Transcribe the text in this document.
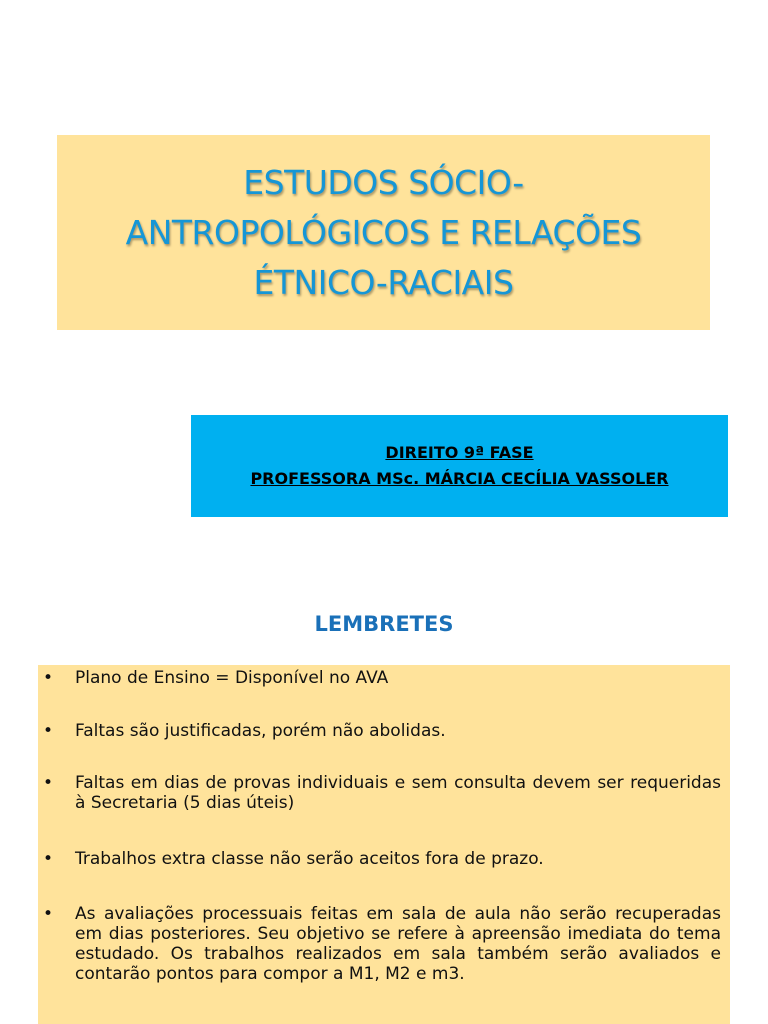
ESTUDOS SÓCIO-
ANTROPOLÓGICOS E RELAÇÕES
ÉTNICO-RACIAIS
DIREITO 9ª FASE
PROFESSORA MSc. MÁRCIA CECÍLIA VASSOLER
LEMBRETES
• Plano de Ensino = Disponível no AVA
• Faltas são justificadas, porém não abolidas.
• Faltas em dias de provas individuais e sem consulta devem ser requeridas à Secretaria (5 dias úteis)
• Trabalhos extra classe não serão aceitos fora de prazo.
• As avaliações processuais feitas em sala de aula não serão recuperadas em dias posteriores. Seu objetivo se refere à apreensão imediata do tema estudado. Os trabalhos realizados em sala também serão avaliados e contarão pontos para compor a M1, M2 e m3.
